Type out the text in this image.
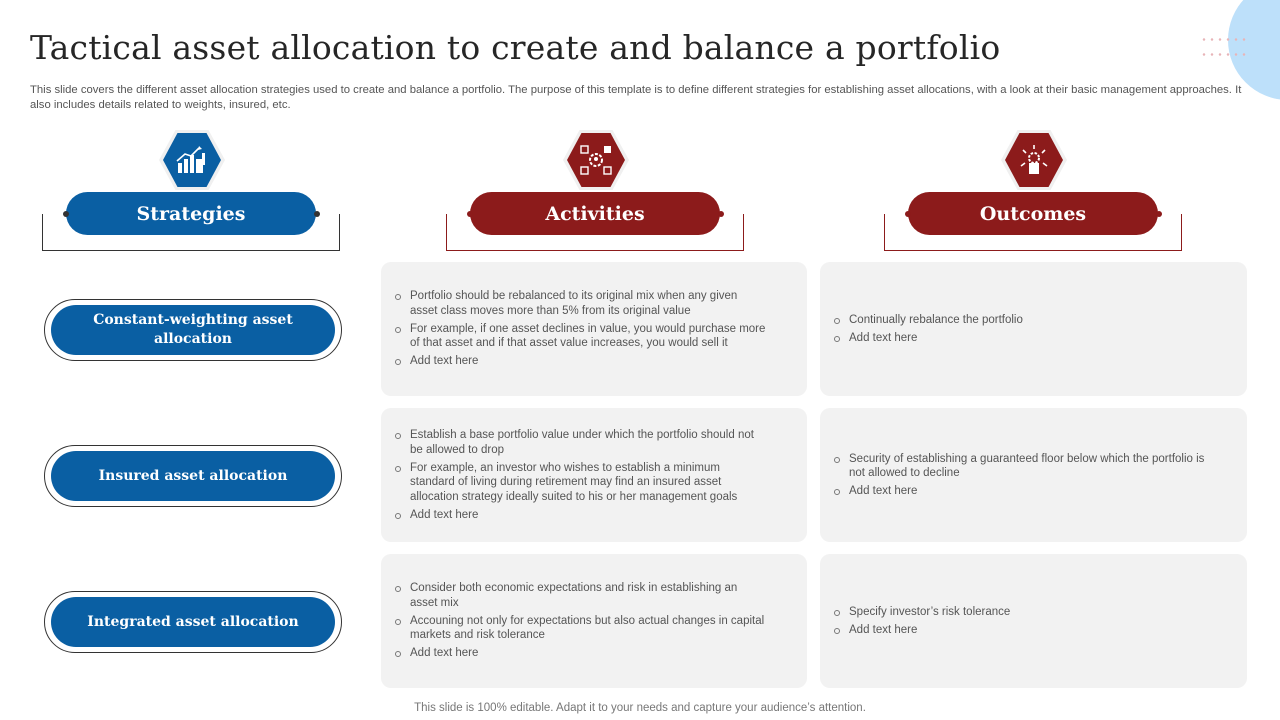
Tactical asset allocation to create and balance a portfolio
This slide covers the different asset allocation strategies used to create and balance a portfolio. The purpose of this template is to define different strategies for establishing asset allocations, with a look at their basic management approaches. It also includes details related to weights, insured, etc.
Strategies	Activities	Outcomes
Constant-weighting asset allocation
Portfolio should be rebalanced to its original mix when any given asset class moves more than 5% from its original value
For example, if one asset declines in value, you would purchase more of that asset and if that asset value increases, you would sell it
Add text here
Continually rebalance the portfolio
Add text here
Insured asset allocation
Establish a base portfolio value under which the portfolio should not be allowed to drop
For example, an investor who wishes to establish a minimum standard of living during retirement may find an insured asset allocation strategy ideally suited to his or her management goals
Add text here
Security of establishing a guaranteed floor below which the portfolio is not allowed to decline
Add text here
Integrated asset allocation
Consider both economic expectations and risk in establishing an asset mix
Accouning not only for expectations but also actual changes in capital markets and risk tolerance
Add text here
Specify investor’s risk tolerance
Add text here
This slide is 100% editable. Adapt it to your needs and capture your audience’s attention.
